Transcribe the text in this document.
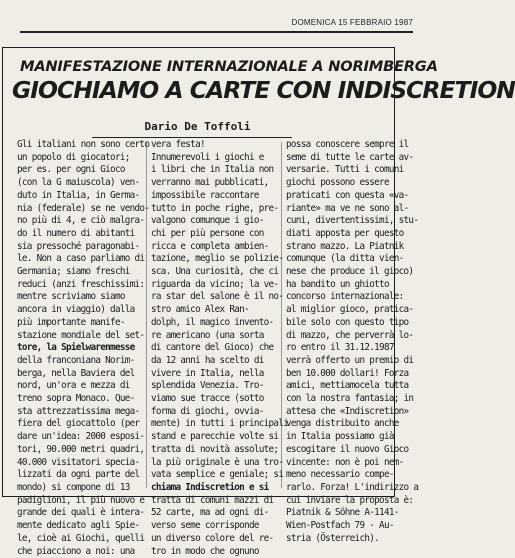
DOMENICA 15 FEBBRAIO 1987
MANIFESTAZIONE INTERNAZIONALE A NORIMBERGA
GIOCHIAMO A CARTE CON INDISCRETION
Dario De Toffoli
Gli italiani non sono certo
un popolo di giocatori;
per es. per ogni Gioco
(con la G maiuscola) ven-
duto in Italia, in Germa-
nia (federale) se ne vendo-
no più di 4, e ciò malgra-
do il numero di abitanti
sia pressoché paragonabi-
le. Non a caso parliamo di
Germania; siamo freschi
reduci (anzi freschissimi:
mentre scriviamo siamo
ancora in viaggio) dalla
più importante manife-
stazione mondiale del set-
tore, la Spielwarenmesse
della franconiana Norim-
berga, nella Baviera del
nord, un'ora e mezza di
treno sopra Monaco. Que-
sta attrezzatissima mega-
fiera del giocattolo (per
dare un'idea: 2000 esposi-
tori, 90.000 metri quadri,
40.000 visitatori specia-
lizzati da ogni parte del
mondo) si compone di 13
padiglioni, il più nuovo e
grande dei quali è intera-
mente dedicato agli Spie-
le, cioè ai Giochi, quelli
che piacciono a noi: una
vera festa!
Innumerevoli i giochi e
i libri che in Italia non
verranno mai pubblicati,
impossibile raccontare
tutto in poche righe, pre-
valgono comunque i gio-
chi per più persone con
ricca e completa ambien-
tazione, meglio se polizie-
sca. Una curiosità, che ci
riguarda da vicino; la ve-
ra star del salone è il no-
stro amico Alex Ran-
dolph, il magico invento-
re americano (una sorta
di cantore del Gioco) che
da 12 anni ha scelto di
vivere in Italia, nella
splendida Venezia. Tro-
viamo sue tracce (sotto
forma di giochi, ovvia-
mente) in tutti i principali
stand e parecchie volte si
tratta di novità assolute;
la più originale è una tro-
vata semplice e geniale; si
chiama Indiscretion e si
tratta di comuni mazzi di
52 carte, ma ad ogni di-
verso seme corrisponde
un diverso colore del re-
tro in modo che ognuno
possa conoscere sempre il
seme di tutte le carte av-
versarie. Tutti i comuni
giochi possono essere
praticati con questa «va-
riante» ma ve ne sono al-
cuni, divertentissimi, stu-
diati apposta per questo
strano mazzo. La Piatnik
comunque (la ditta vien-
nese che produce il gioco)
ha bandito un ghiotto
concorso internazionale:
al miglior gioco, pratica-
bile solo con questo tipo
di mazzo, che perverrà lo-
ro entro il 31.12.1987
verrà offerto un premio di
ben 10.000 dollari! Forza
amici, mettiamocela tutta
con la nostra fantasia; in
attesa che «Indiscretion»
venga distribuito anche
in Italia possiamo già
escogitare il nuovo Gioco
vincente: non è poi nem-
meno necessario compe-
rarlo. Forza! L'indirizzo a
cui inviare la proposta è:
Piatnik & Söhne A-1141-
Wien-Postfach 79 - Au-
stria (Österreich).
